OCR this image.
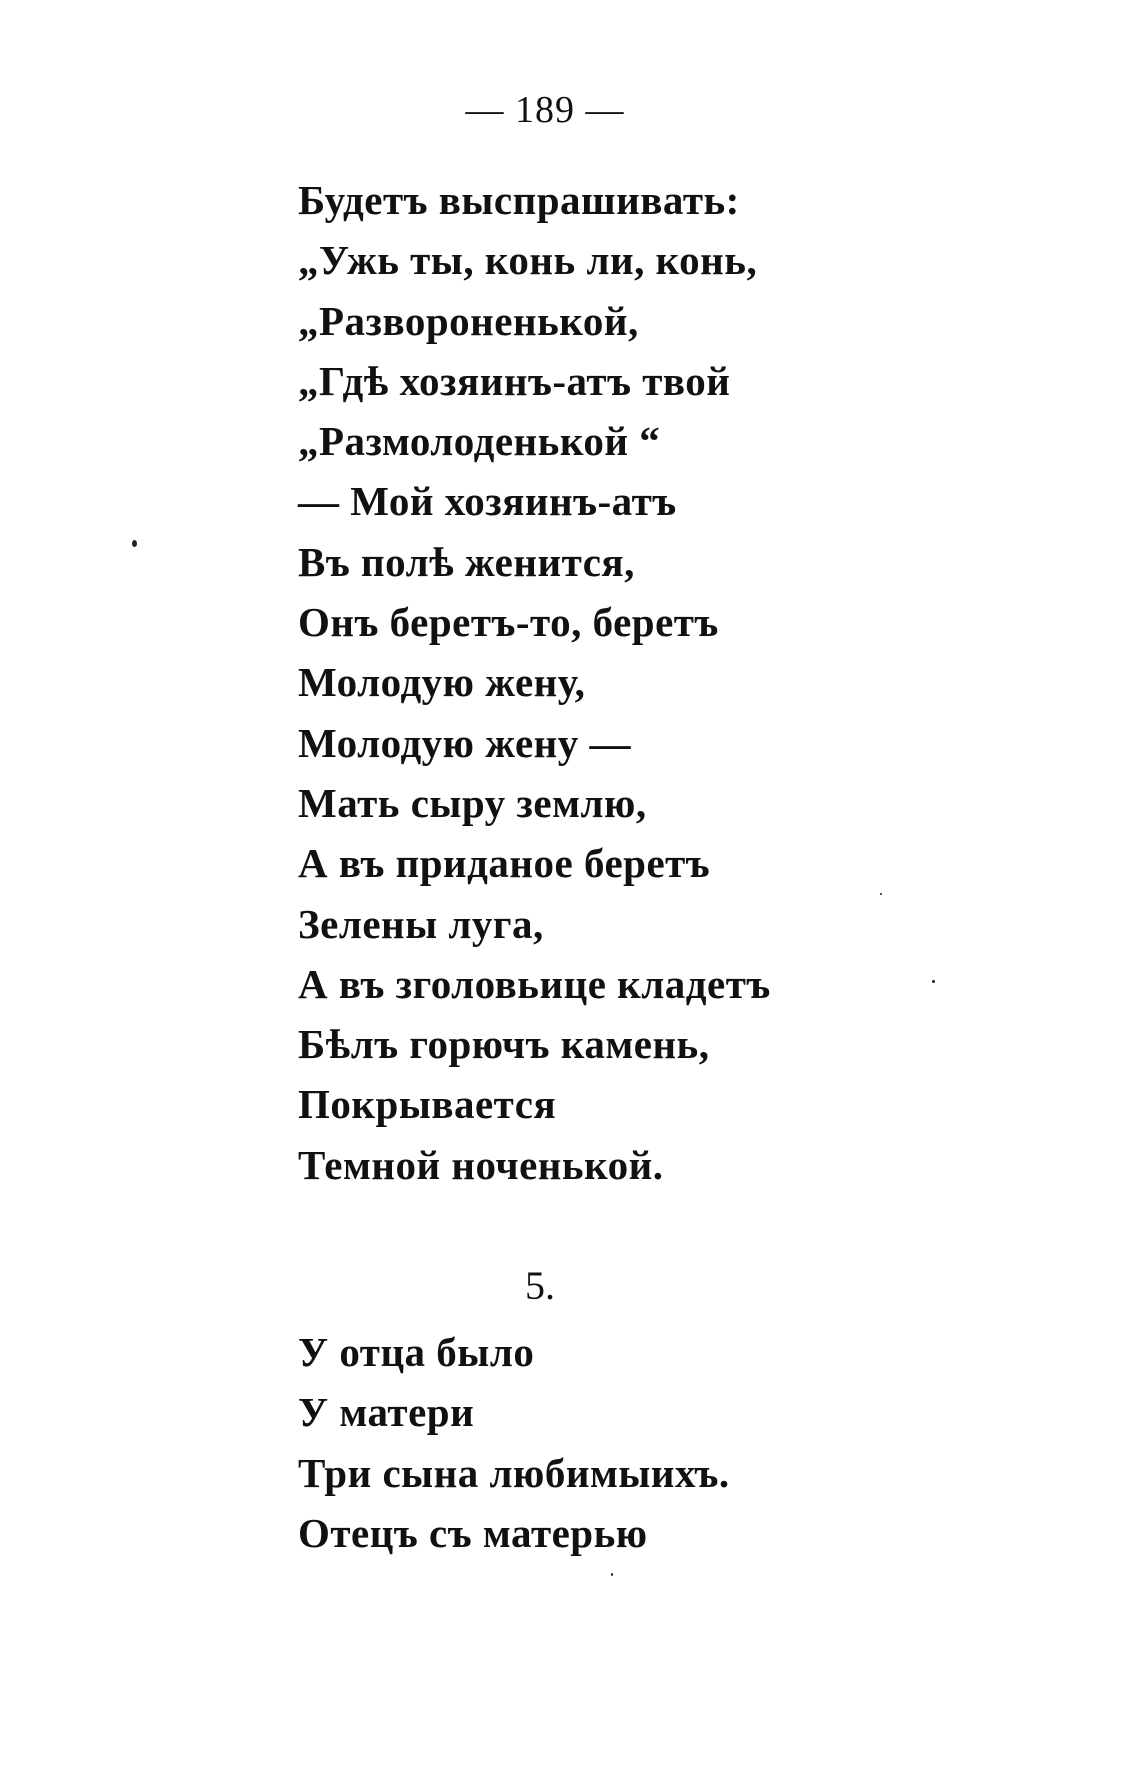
— 189 —
Будетъ выспрашивать:
„Ужь ты, конь ли, конь,
„Развороненькой,
„Гдѣ хозяинъ-атъ твой
„Размолоденькой “
— Мой хозяинъ-атъ
Въ полѣ женится,
Онъ беретъ-то, беретъ
Молодую жену,
Молодую жену —
Мать сыру землю,
А въ приданое беретъ
Зелены луга,
А въ зголовьице кладетъ
Бѣлъ горючъ камень,
Покрывается
Темной ноченькой.
5.
У отца было
У матери
Три сына любимыихъ.
Отецъ съ матерью
